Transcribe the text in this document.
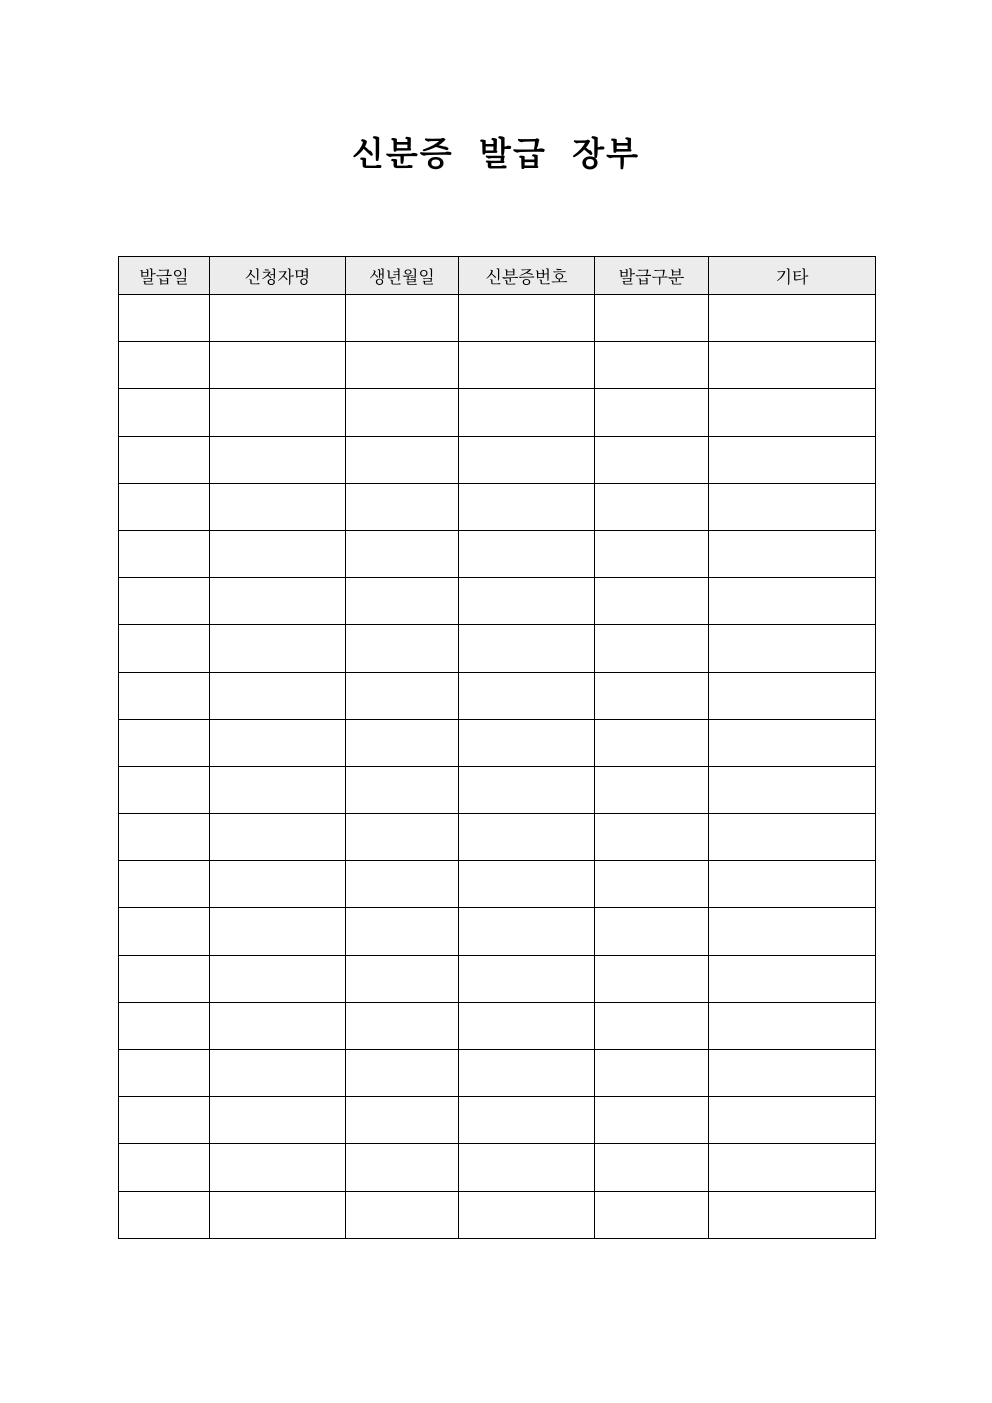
신분증 발급 장부
발급일	신청자명	생년월일	신분증번호	발급구분	기타
